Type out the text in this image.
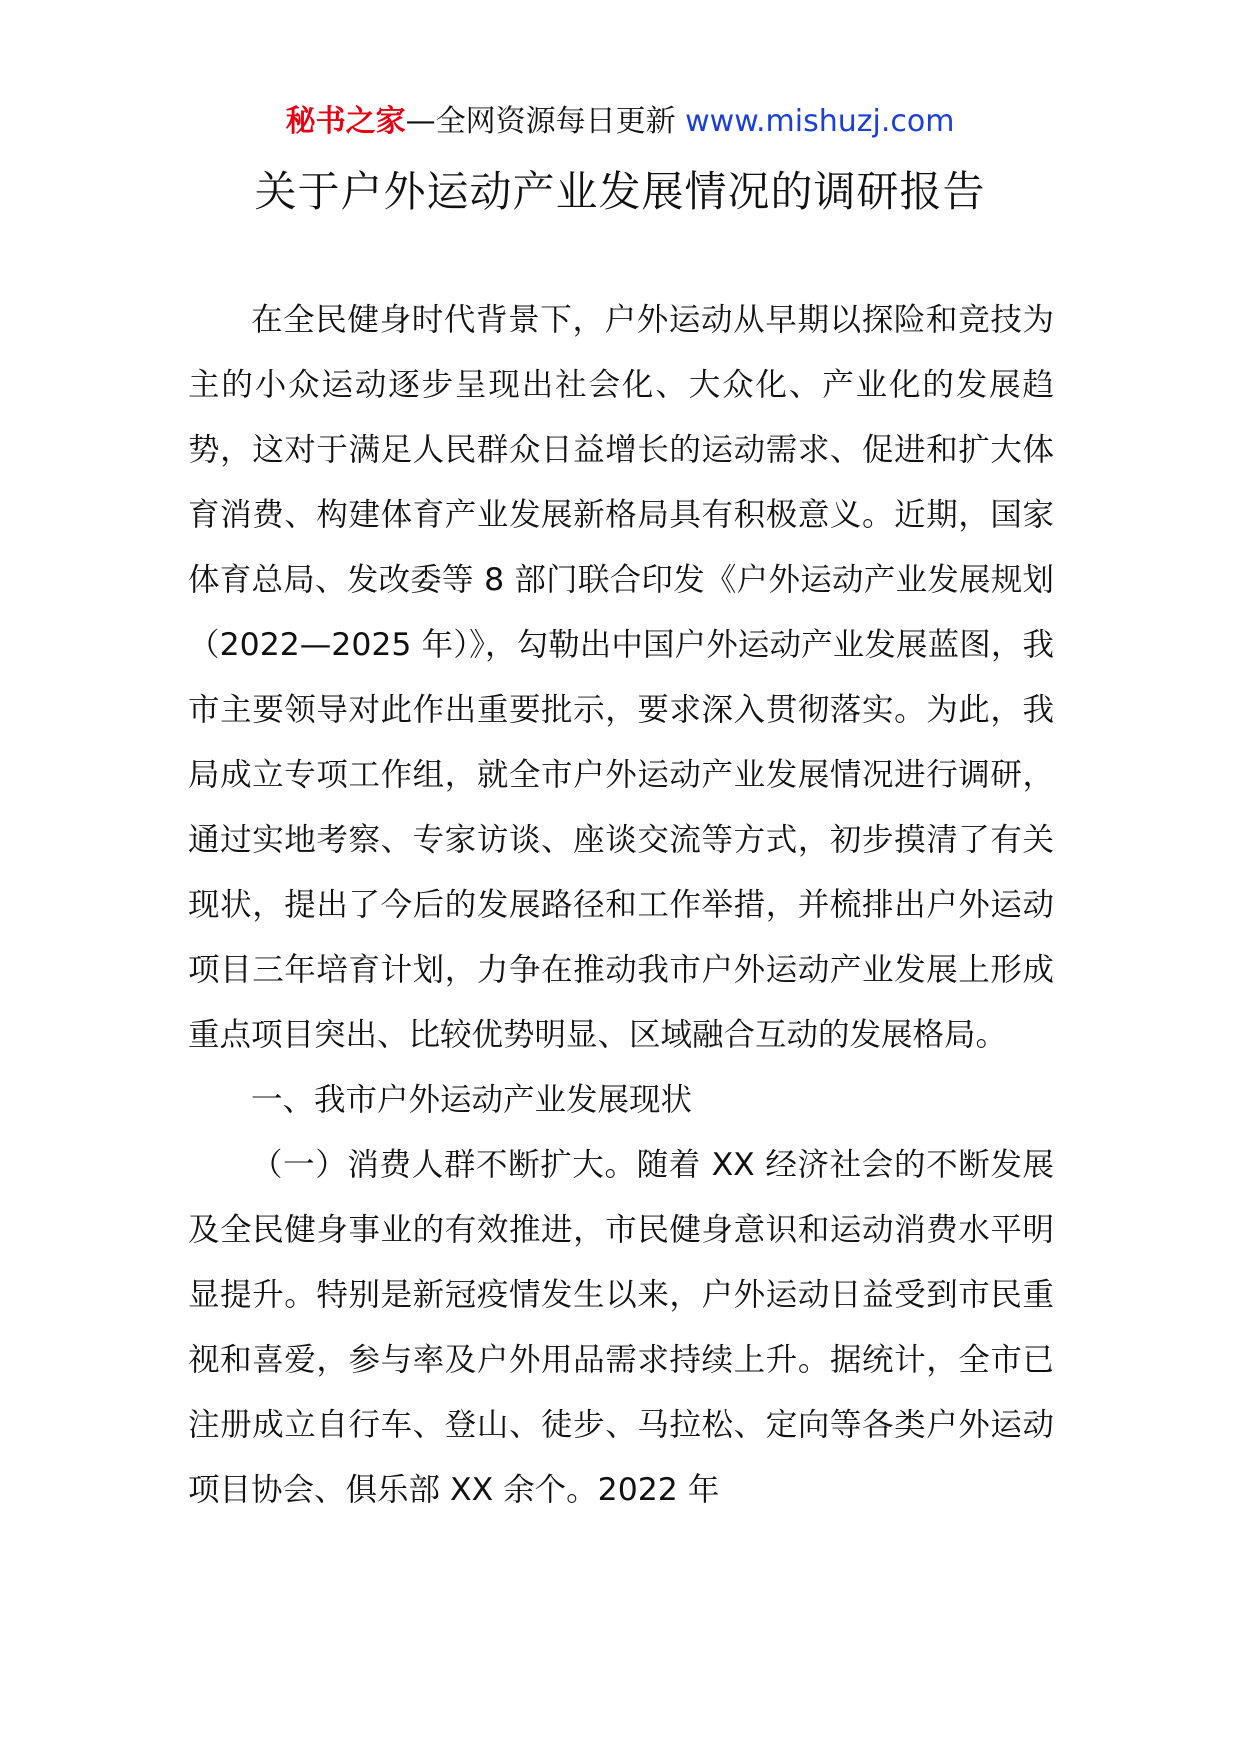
秘书之家—全网资源每日更新 www.mishuzj.com
关于户外运动产业发展情况的调研报告

在全民健身时代背景下，户外运动从早期以探险和竞技为主的小众运动逐步呈现出社会化、大众化、产业化的发展趋势，这对于满足人民群众日益增长的运动需求、促进和扩大体育消费、构建体育产业发展新格局具有积极意义。近期，国家体育总局、发改委等 8 部门联合印发《户外运动产业发展规划（2022—2025 年）》，勾勒出中国户外运动产业发展蓝图，我市主要领导对此作出重要批示，要求深入贯彻落实。为此，我局成立专项工作组，就全市户外运动产业发展情况进行调研，通过实地考察、专家访谈、座谈交流等方式，初步摸清了有关现状，提出了今后的发展路径和工作举措，并梳排出户外运动项目三年培育计划，力争在推动我市户外运动产业发展上形成重点项目突出、比较优势明显、区域融合互动的发展格局。

一、我市户外运动产业发展现状

（一）消费人群不断扩大。随着 XX 经济社会的不断发展及全民健身事业的有效推进，市民健身意识和运动消费水平明显提升。特别是新冠疫情发生以来，户外运动日益受到市民重视和喜爱，参与率及户外用品需求持续上升。据统计，全市已注册成立自行车、登山、徒步、马拉松、定向等各类户外运动项目协会、俱乐部 XX 余个。2022 年
